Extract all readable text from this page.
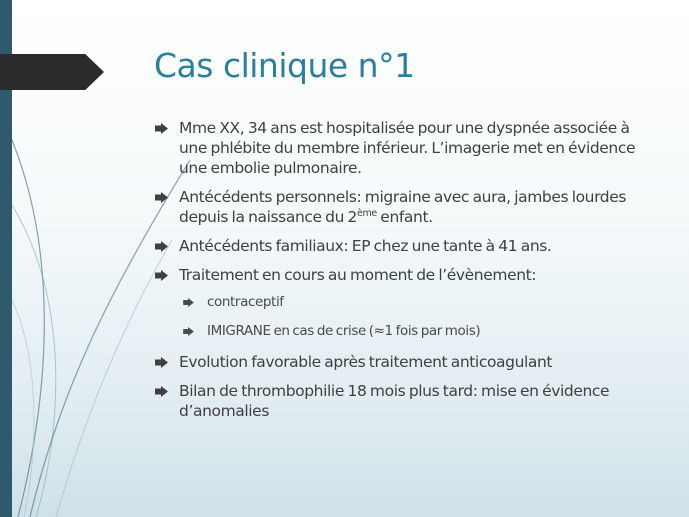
Cas clinique n°1
Mme XX, 34 ans est hospitalisée pour une dyspnée associée à une phlébite du membre inférieur. L’imagerie met en évidence une embolie pulmonaire.
Antécédents personnels: migraine avec aura, jambes lourdes depuis la naissance du 2ème enfant.
Antécédents familiaux: EP chez une tante à 41 ans.
Traitement en cours au moment de l’évènement:
contraceptif
IMIGRANE en cas de crise (≈1 fois par mois)
Evolution favorable après traitement anticoagulant
Bilan de thrombophilie 18 mois plus tard: mise en évidence d’anomalies
